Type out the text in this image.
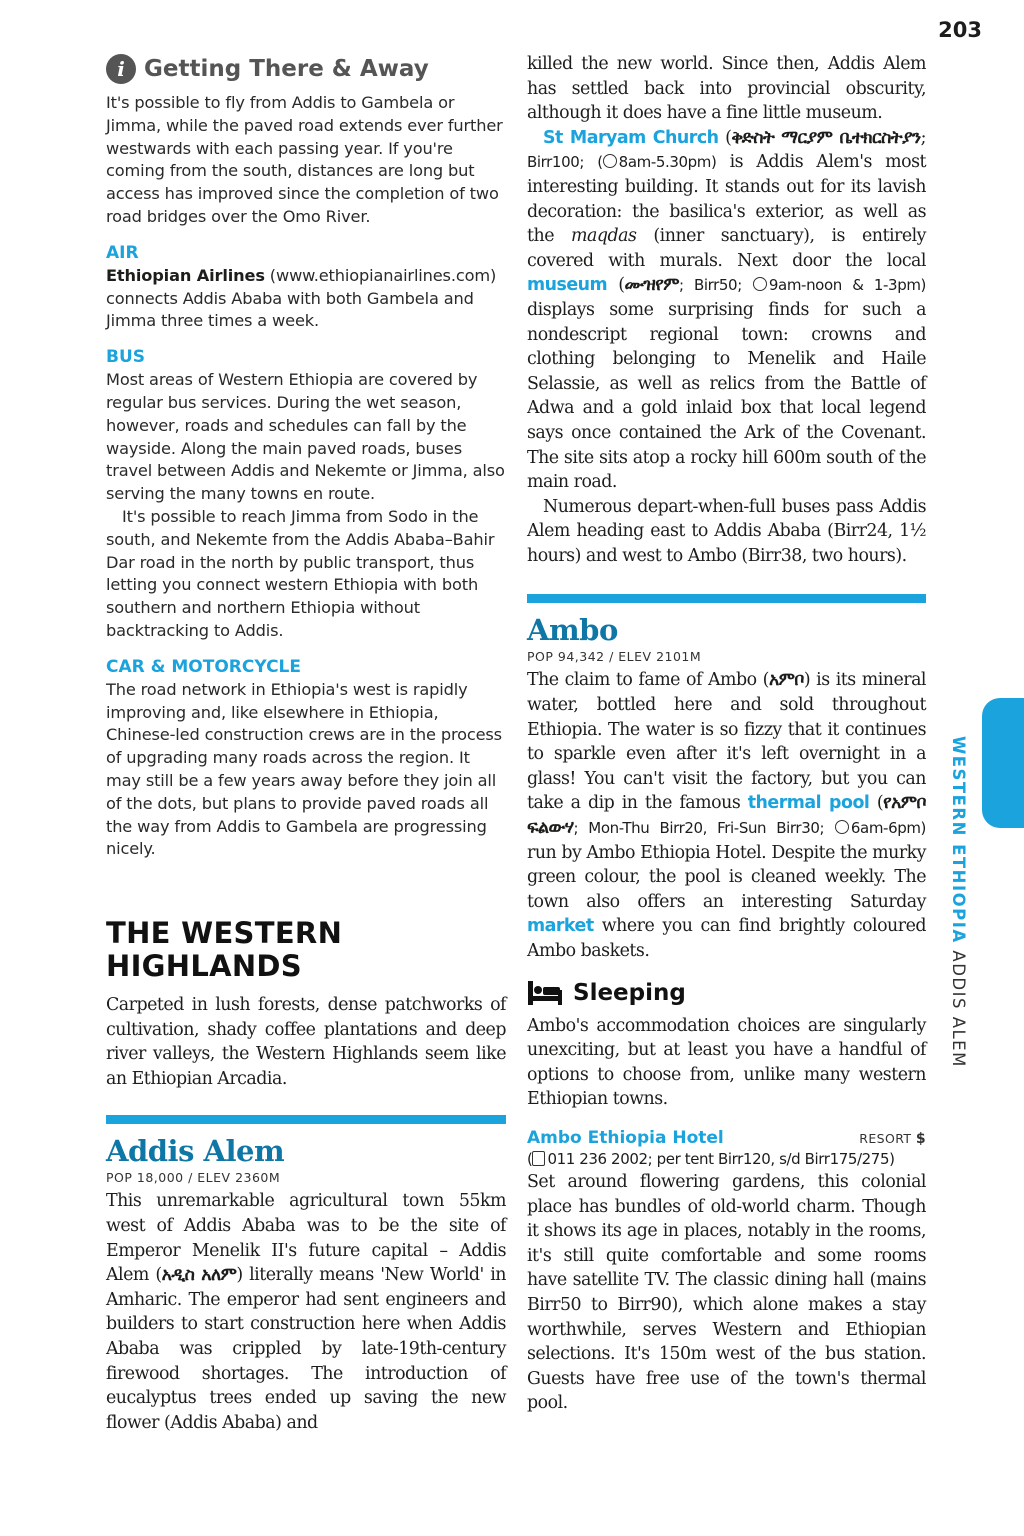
203
i Getting There & Away

It's possible to fly from Addis to Gambela or Jimma, while the paved road extends ever further westwards with each passing year. If you're coming from the south, distances are long but access has improved since the completion of two road bridges over the Omo River.

AIR

Ethiopian Airlines (www.ethiopianairlines.com) connects Addis Ababa with both Gambela and Jimma three times a week.

BUS

Most areas of Western Ethiopia are covered by regular bus services. During the wet season, however, roads and schedules can fall by the wayside. Along the main paved roads, buses travel between Addis and Nekemte or Jimma, also serving the many towns en route.

It's possible to reach Jimma from Sodo in the south, and Nekemte from the Addis Ababa–Bahir Dar road in the north by public transport, thus letting you connect western Ethiopia with both southern and northern Ethiopia without backtracking to Addis.

CAR & MOTORCYCLE

The road network in Ethiopia's west is rapidly improving and, like elsewhere in Ethiopia, Chinese-led construction crews are in the process of upgrading many roads across the region. It may still be a few years away before they join all of the dots, but plans to provide paved roads all the way from Addis to Gambela are progressing nicely.

THE WESTERN
HIGHLANDS

Carpeted in lush forests, dense patchworks of cultivation, shady coffee plantations and deep river valleys, the Western Highlands seem like an Ethiopian Arcadia.

Addis Alem
POP 18,000 / ELEV 2360M

This unremarkable agricultural town 55km west of Addis Ababa was to be the site of Emperor Menelik II's future capital – Addis Alem (አዲስ አለም) literally means 'New World' in Amharic. The emperor had sent engineers and builders to start construction here when Addis Ababa was crippled by late-19th-century firewood shortages. The introduction of eucalyptus trees ended up saving the new flower (Addis Ababa) and

killed the new world. Since then, Addis Alem has settled back into provincial obscurity, although it does have a fine little museum.

St Maryam Church (ቅድስት ማርያም ቤተክርስትያን; Birr100; ( 8am-5.30pm) is Addis Alem's most interesting building. It stands out for its lavish decoration: the basilica's exterior, as well as the maqdas (inner sanctuary), is entirely covered with murals. Next door the local museum (ሙዝየም; Birr50; 9am-noon & 1-3pm) displays some surprising finds for such a nondescript regional town: crowns and clothing belonging to Menelik and Haile Selassie, as well as relics from the Battle of Adwa and a gold inlaid box that local legend says once contained the Ark of the Covenant. The site sits atop a rocky hill 600m south of the main road.

Numerous depart-when-full buses pass Addis Alem heading east to Addis Ababa (Birr24, 1½ hours) and west to Ambo (Birr38, two hours).

Ambo
POP 94,342 / ELEV 2101M

The claim to fame of Ambo (አምቦ) is its mineral water, bottled here and sold throughout Ethiopia. The water is so fizzy that it continues to sparkle even after it's left overnight in a glass! You can't visit the factory, but you can take a dip in the famous thermal pool (የአምቦ ፍልውሃ; Mon-Thu Birr20, Fri-Sun Birr30; 6am-6pm) run by Ambo Ethiopia Hotel. Despite the murky green colour, the pool is cleaned weekly. The town also offers an interesting Saturday market where you can find brightly coloured Ambo baskets.

Sleeping

Ambo's accommodation choices are singularly unexciting, but at least you have a handful of options to choose from, unlike many western Ethiopian towns.

Ambo Ethiopia Hotel	RESORT $
( 011 236 2002; per tent Birr120, s/d Birr175/275)

Set around flowering gardens, this colonial place has bundles of old-world charm. Though it shows its age in places, notably in the rooms, it's still quite comfortable and some rooms have satellite TV. The classic dining hall (mains Birr50 to Birr90), which alone makes a stay worthwhile, serves Western and Ethiopian selections. It's 150m west of the bus station. Guests have free use of the town's thermal pool.

WESTERN ETHIOPIA ADDIS ALEM
